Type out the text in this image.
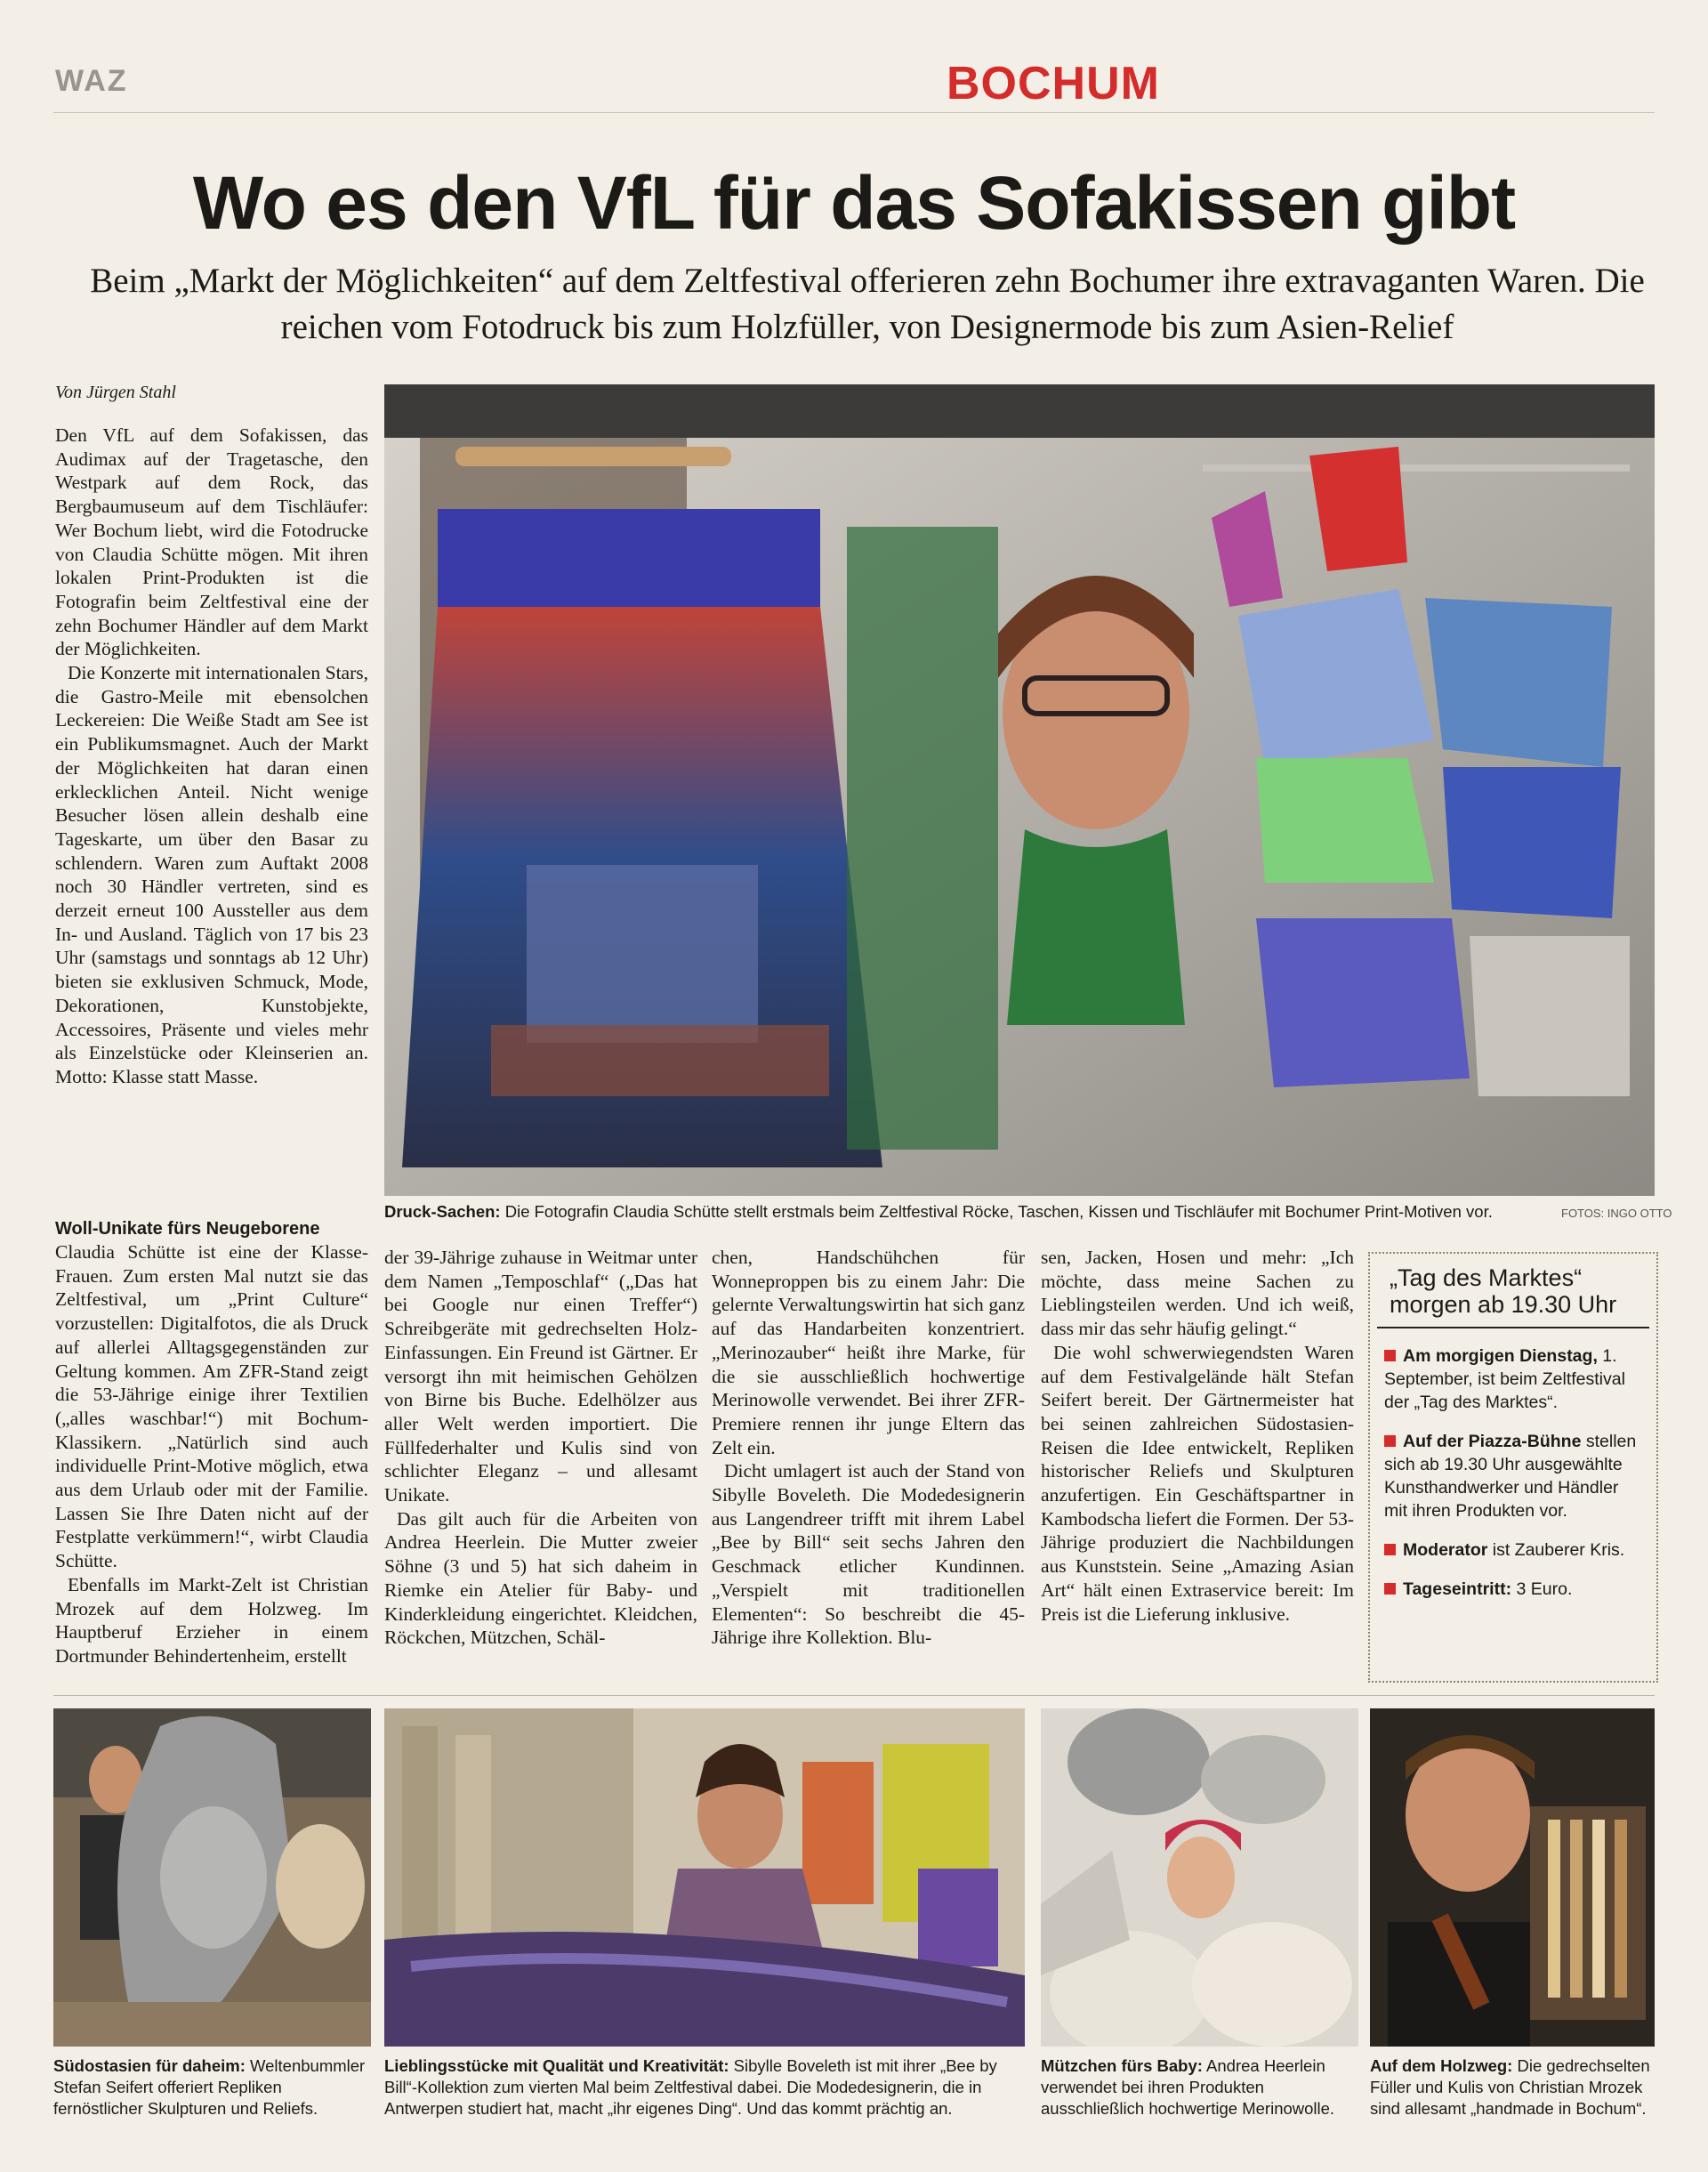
WAZ	BOCHUM
Wo es den VfL für das Sofakissen gibt
Beim „Markt der Möglichkeiten“ auf dem Zeltfestival offerieren zehn Bochumer ihre extravaganten Waren. Die reichen vom Fotodruck bis zum Holzfüller, von Designermode bis zum Asien-Relief
Von Jürgen Stahl

Den VfL auf dem Sofakissen, das Audimax auf der Tragetasche, den Westpark auf dem Rock, das Bergbaumuseum auf dem Tischläufer: Wer Bochum liebt, wird die Fotodrucke von Claudia Schütte mögen. Mit ihren lokalen Print-Produkten ist die Fotografin beim Zeltfestival eine der zehn Bochumer Händler auf dem Markt der Möglichkeiten.

Die Konzerte mit internationalen Stars, die Gastro-Meile mit ebensolchen Leckereien: Die Weiße Stadt am See ist ein Publikumsmagnet. Auch der Markt der Möglichkeiten hat daran einen erklecklichen Anteil. Nicht wenige Besucher lösen allein deshalb eine Tageskarte, um über den Basar zu schlendern. Waren zum Auftakt 2008 noch 30 Händler vertreten, sind es derzeit erneut 100 Aussteller aus dem In- und Ausland. Täglich von 17 bis 23 Uhr (samstags und sonntags ab 12 Uhr) bieten sie exklusiven Schmuck, Mode, Dekorationen, Kunstobjekte, Accessoires, Präsente und vieles mehr als Einzelstücke oder Kleinserien an. Motto: Klasse statt Masse.

Woll-Unikate fürs Neugeborene

Claudia Schütte ist eine der Klasse-Frauen. Zum ersten Mal nutzt sie das Zeltfestival, um „Print Culture“ vorzustellen: Digitalfotos, die als Druck auf allerlei Alltagsgegenständen zur Geltung kommen. Am ZFR-Stand zeigt die 53-Jährige einige ihrer Textilien („alles waschbar!“) mit Bochum-Klassikern. „Natürlich sind auch individuelle Print-Motive möglich, etwa aus dem Urlaub oder mit der Familie. Lassen Sie Ihre Daten nicht auf der Festplatte verkümmern!“, wirbt Claudia Schütte.

Ebenfalls im Markt-Zelt ist Christian Mrozek auf dem Holzweg. Im Hauptberuf Erzieher in einem Dortmunder Behindertenheim, erstellt

Druck-Sachen: Die Fotografin Claudia Schütte stellt erstmals beim Zeltfestival Röcke, Taschen, Kissen und Tischläufer mit Bochumer Print-Motiven vor.	FOTOS: INGO OTTO

der 39-Jährige zuhause in Weitmar unter dem Namen „Temposchlaf“ („Das hat bei Google nur einen Treffer“) Schreibgeräte mit gedrechselten Holz-Einfassungen. Ein Freund ist Gärtner. Er versorgt ihn mit heimischen Gehölzen von Birne bis Buche. Edelhölzer aus aller Welt werden importiert. Die Füllfederhalter und Kulis sind von schlichter Eleganz – und allesamt Unikate.

Das gilt auch für die Arbeiten von Andrea Heerlein. Die Mutter zweier Söhne (3 und 5) hat sich daheim in Riemke ein Atelier für Baby- und Kinderkleidung eingerichtet. Kleidchen, Röckchen, Mützchen, Schäl-

chen, Handschühchen für Wonneproppen bis zu einem Jahr: Die gelernte Verwaltungswirtin hat sich ganz auf das Handarbeiten konzentriert. „Merinozauber“ heißt ihre Marke, für die sie ausschließlich hochwertige Merinowolle verwendet. Bei ihrer ZFR-Premiere rennen ihr junge Eltern das Zelt ein.

Dicht umlagert ist auch der Stand von Sibylle Boveleth. Die Modedesignerin aus Langendreer trifft mit ihrem Label „Bee by Bill“ seit sechs Jahren den Geschmack etlicher Kundinnen. „Verspielt mit traditionellen Elementen“: So beschreibt die 45-Jährige ihre Kollektion. Blu-

sen, Jacken, Hosen und mehr: „Ich möchte, dass meine Sachen zu Lieblingsteilen werden. Und ich weiß, dass mir das sehr häufig gelingt.“

Die wohl schwerwiegendsten Waren auf dem Festivalgelände hält Stefan Seifert bereit. Der Gärtnermeister hat bei seinen zahlreichen Südostasien-Reisen die Idee entwickelt, Repliken historischer Reliefs und Skulpturen anzufertigen. Ein Geschäftspartner in Kambodscha liefert die Formen. Der 53-Jährige produziert die Nachbildungen aus Kunststein. Seine „Amazing Asian Art“ hält einen Extraservice bereit: Im Preis ist die Lieferung inklusive.

„Tag des Marktes“ morgen ab 19.30 Uhr
Am morgigen Dienstag, 1. September, ist beim Zeltfestival der „Tag des Marktes“.
Auf der Piazza-Bühne stellen sich ab 19.30 Uhr ausgewählte Kunsthandwerker und Händler mit ihren Produkten vor.
Moderator ist Zauberer Kris.
Tageseintritt: 3 Euro.
Südostasien für daheim: Weltenbummler Stefan Seifert offeriert Repliken fernöstlicher Skulpturen und Reliefs.
Lieblingsstücke mit Qualität und Kreativität: Sibylle Boveleth ist mit ihrer „Bee by Bill“-Kollektion zum vierten Mal beim Zeltfestival dabei. Die Modedesignerin, die in Antwerpen studiert hat, macht „ihr eigenes Ding“. Und das kommt prächtig an.
Mützchen fürs Baby: Andrea Heerlein verwendet bei ihren Produkten ausschließlich hochwertige Merinowolle.
Auf dem Holzweg: Die gedrechselten Füller und Kulis von Christian Mrozek sind allesamt „handmade in Bochum“.
